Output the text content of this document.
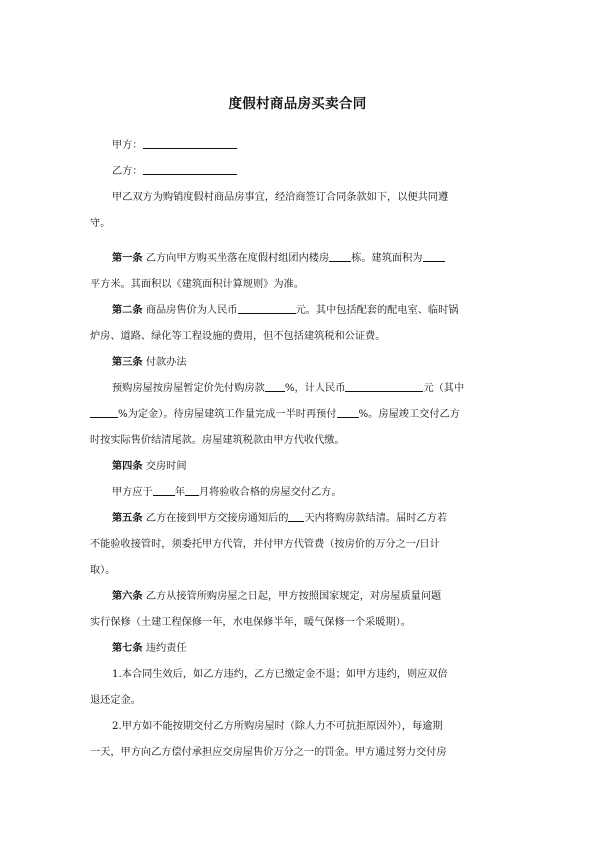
度假村商品房买卖合同
甲方：
乙方：
甲乙双方为购销度假村商品房事宜，经洽商签订合同条款如下，以便共同遵
守。
第一条 乙方向甲方购买坐落在度假村组团内楼房 栋。建筑面积为
平方米。其面积以《建筑面积计算规则》为准。
第二条 商品房售价为人民币	元。其中包括配套的配电室、临时锅
炉房、道路、绿化等工程设施的费用，但不包括建筑税和公证费。
第三条 付款办法
预购房屋按房屋暂定价先付购房款 %，计人民币	元（其中
%为定金）。待房屋建筑工作量完成一半时再预付 %。房屋竣工交付乙方
时按实际售价结清尾款。房屋建筑税款由甲方代收代缴。
第四条 交房时间
甲方应于 年 月将验收合格的房屋交付乙方。
第五条 乙方在接到甲方交接房通知后的 天内将购房款结清。届时乙方若
不能验收接管时，须委托甲方代管，并付甲方代管费（按房价的万分之一/日计
取）。
第六条 乙方从接管所购房屋之日起，甲方按照国家规定，对房屋质量问题
实行保修（土建工程保修一年，水电保修半年，暖气保修一个采暖期）。
第七条 违约责任
1.本合同生效后，如乙方违约，乙方已缴定金不退；如甲方违约，则应双倍
退还定金。
2.甲方如不能按期交付乙方所购房屋时（除人力不可抗拒原因外），每逾期
一天，甲方向乙方偿付承担应交房屋售价万分之一的罚金。甲方通过努力交付房
